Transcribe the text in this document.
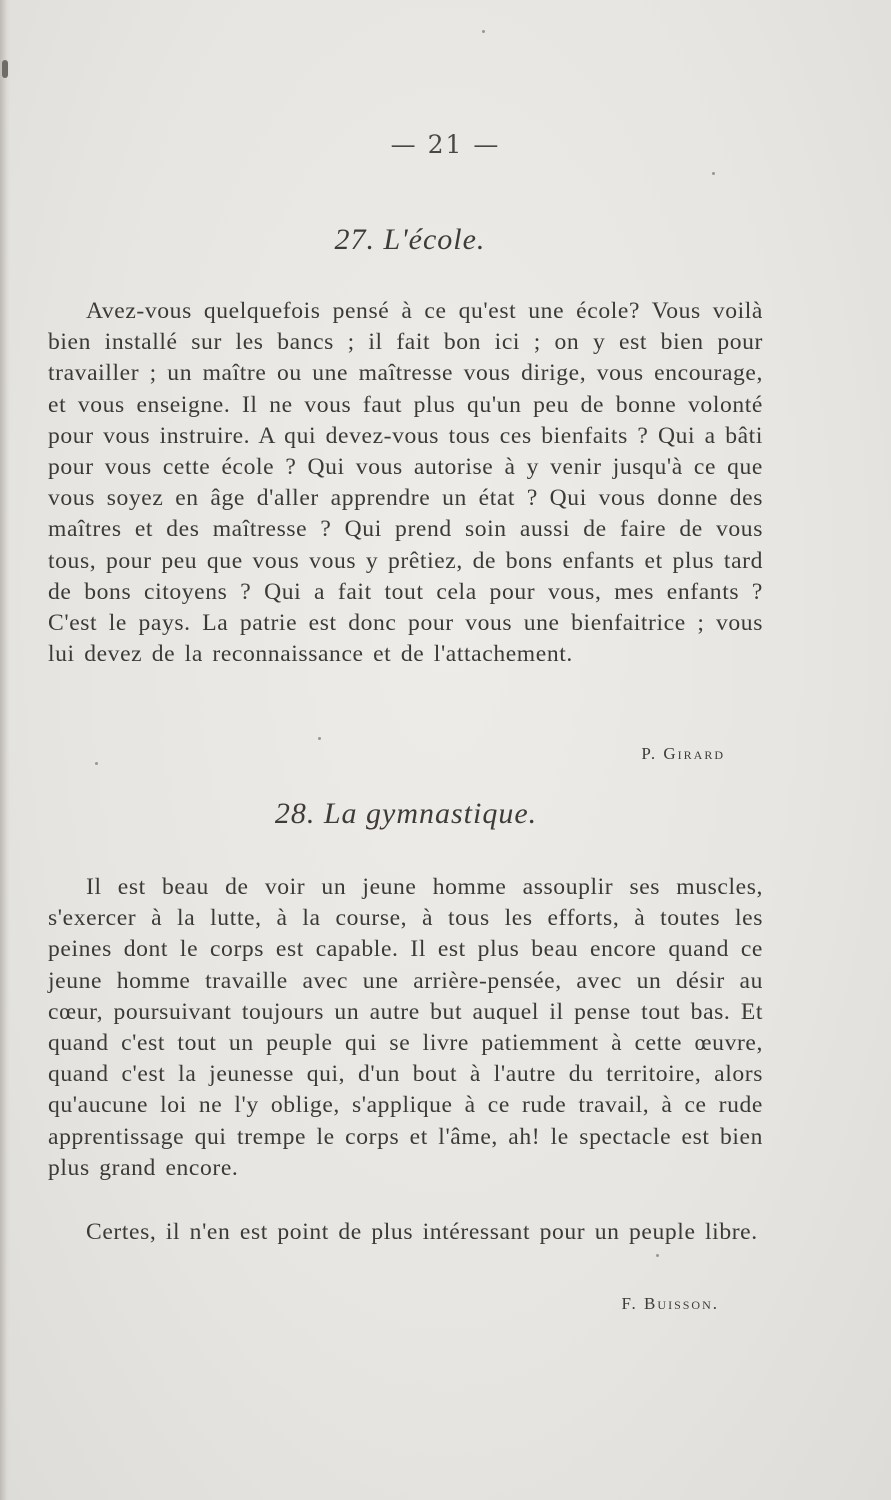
— 21 —
27. L'école.

Avez-vous quelquefois pensé à ce qu'est une école? Vous voilà bien installé sur les bancs ; il fait bon ici ; on y est bien pour travailler ; un maître ou une maîtresse vous dirige, vous encourage, et vous enseigne. Il ne vous faut plus qu'un peu de bonne volonté pour vous instruire. A qui devez-vous tous ces bienfaits ? Qui a bâti pour vous cette école ? Qui vous autorise à y venir jusqu'à ce que vous soyez en âge d'aller apprendre un état ? Qui vous donne des maîtres et des maîtresse ? Qui prend soin aussi de faire de vous tous, pour peu que vous vous y prêtiez, de bons enfants et plus tard de bons citoyens ? Qui a fait tout cela pour vous, mes enfants ? C'est le pays. La patrie est donc pour vous une bienfaitrice ; vous lui devez de la reconnaissance et de l'attachement.

P. Girard
28. La gymnastique.

Il est beau de voir un jeune homme assouplir ses muscles, s'exercer à la lutte, à la course, à tous les efforts, à toutes les peines dont le corps est capable. Il est plus beau encore quand ce jeune homme travaille avec une arrière-pensée, avec un désir au cœur, poursuivant toujours un autre but auquel il pense tout bas. Et quand c'est tout un peuple qui se livre patiemment à cette œuvre, quand c'est la jeunesse qui, d'un bout à l'autre du territoire, alors qu'aucune loi ne l'y oblige, s'applique à ce rude travail, à ce rude apprentissage qui trempe le corps et l'âme, ah! le spectacle est bien plus grand encore.

Certes, il n'en est point de plus intéressant pour un peuple libre.

F. Buisson.
